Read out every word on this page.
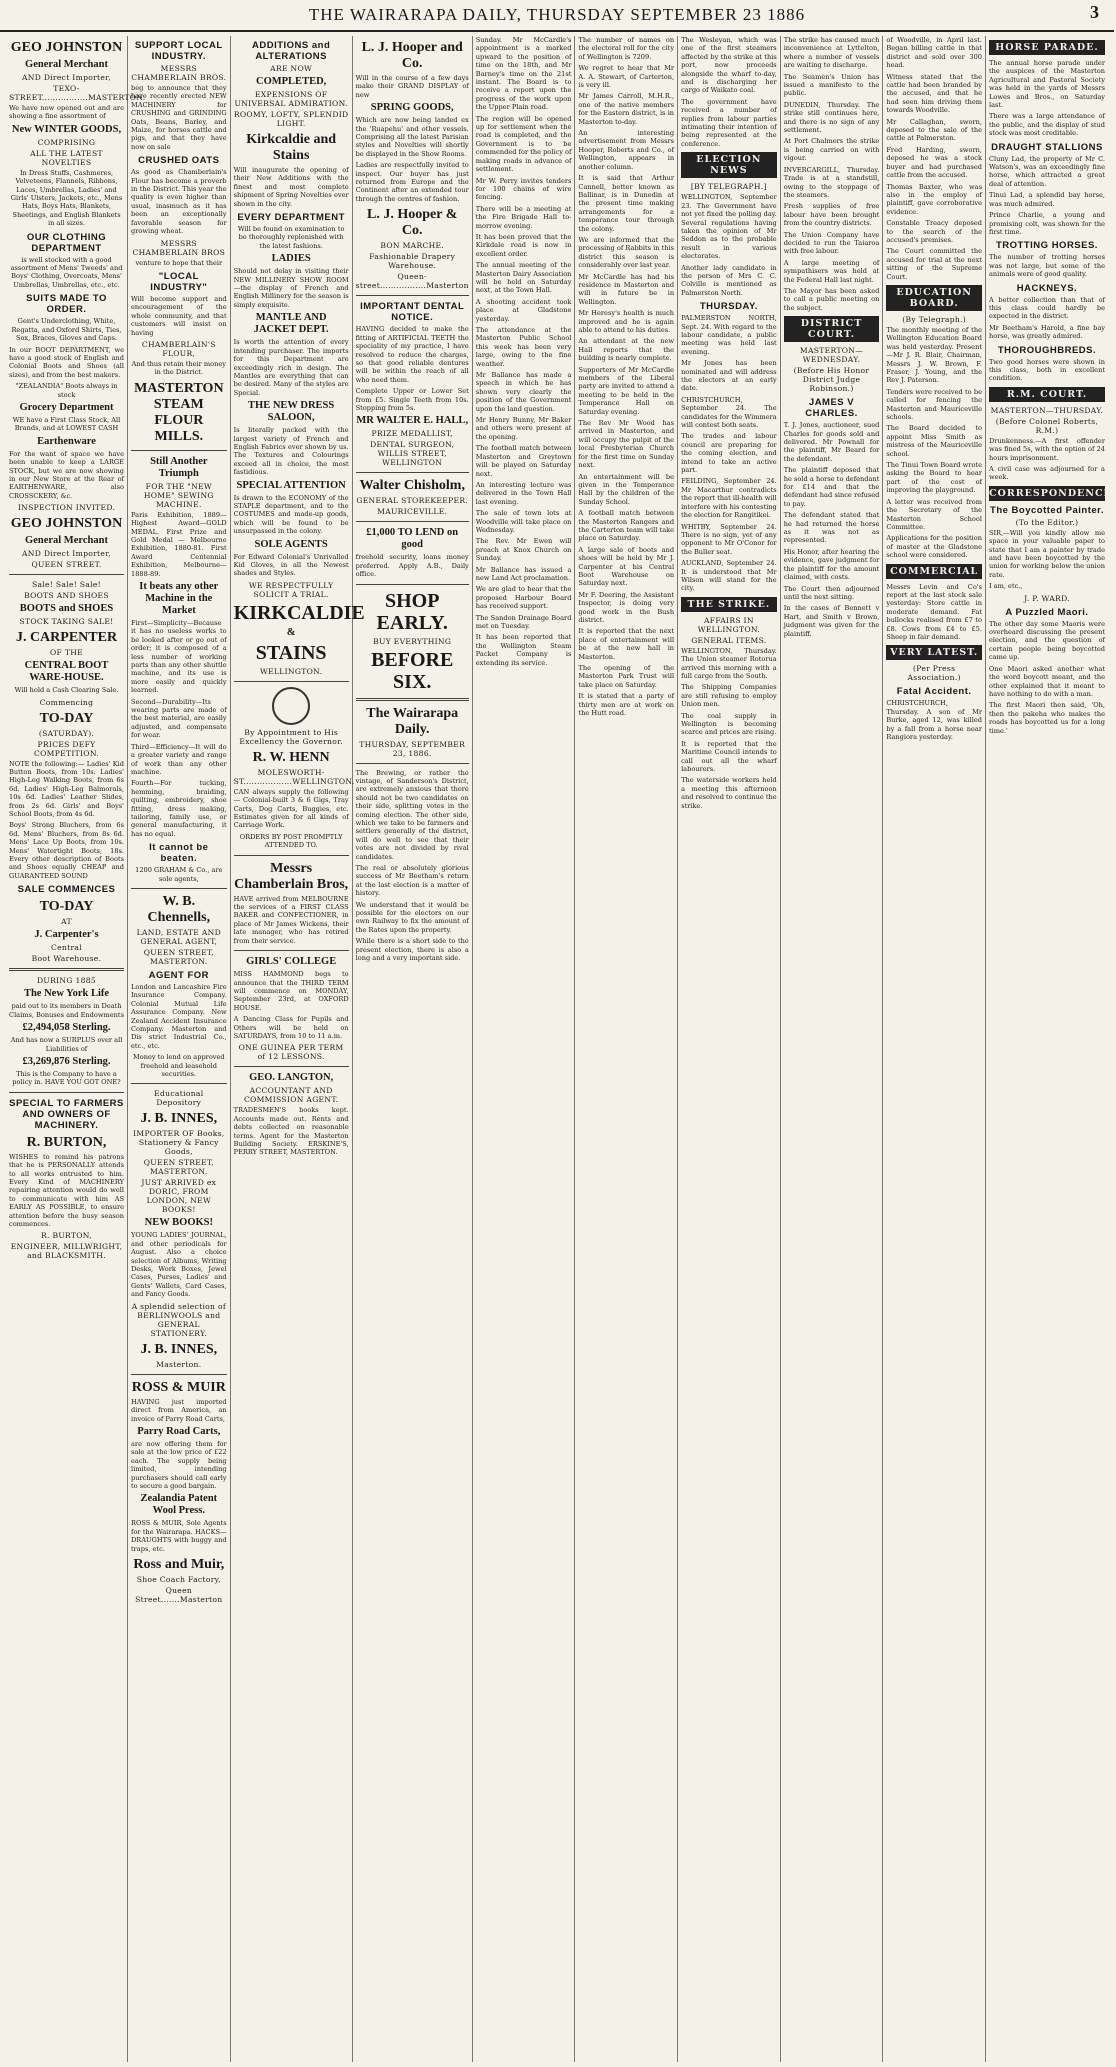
THE WAIRARAPA DAILY, THURSDAY SEPTEMBER 23 1886	3
GEO JOHNSTON
General Merchant
AND Direct Importer,
TEXO-STREET.................MASTERTON.
We have now opened out and are showing a fine assortment of
New WINTER GOODS,
COMPRISING
ALL THE LATEST NOVELTIES
In Dress Stuffs, Cashmeres, Velveteens, Flannels, Ribbons, Laces, Umbrellas, Ladies' and Girls' Ulsters, Jackets, etc., Mens Hats, Boys Hats, Blankets, Sheetings, and English Blankets in all sizes.
OUR CLOTHING DEPARTMENT
is well stocked with a good assortment of Mens' Tweeds' and Boys' Clothing, Overcoats, Mens' Umbrellas, Umbrellas, etc., etc.
SUITS MADE TO ORDER.
Gent's Underclothing, White, Regatta, and Oxford Shirts, Ties, Sox, Braces, Gloves and Caps.
In our BOOT DEPARTMENT, we have a good stock of English and Colonial Boots and Shoes (all sizes), and from the best makers.
"ZEALANDIA" Boots always in stock
Grocery Department
WE have a First Class Stock, All Brands, and at LOWEST CASH
Earthenware
For the want of space we have been unable to keep a LARGE STOCK, but we are now showing in our New Store at the Rear of EARTHENWARE, also CROSSCKERY, &c.
INSPECTION INVITED.
GEO JOHNSTON
General Merchant
AND Direct Importer,
QUEEN STREET.
Sale! Sale! Sale!
BOOTS AND SHOES
BOOTS and SHOES
STOCK TAKING SALE!
J. CARPENTER
OF THE
CENTRAL BOOT WARE-HOUSE.
Will hold a Cash Clearing Sale.
Commencing
TO-DAY
(SATURDAY).
PRICES DEFY COMPETITION.
NOTE the following:— Ladies' Kid Button Boots, from 10s. Ladies' High-Leg Walking Boots, from 6s 6d. Ladies' High-Leg Balmorals, 10s 6d. Ladies' Leather Slides, from 2s 6d. Girls' and Boys' School Boots, from 4s 6d.
Boys' Strong Bluchers, from 6s 6d. Mens' Bluchers, from 8s 6d. Mens' Lace Up Boots, from 10s. Mens' Watertight Boots, 18s. Every other description of Boots and Shoes equally CHEAP and GUARANTEED SOUND
SALE COMMENCES
TO-DAY
AT
J. Carpenter's
Central
Boot Warehouse.
DURING 1885
The New York Life
paid out to its members in Death Claims, Bonuses and Endowments
£2,494,058 Sterling.
And has now a SURPLUS over all Liabilities of
£3,269,876 Sterling.
This is the Company to have a policy in. HAVE YOU GOT ONE?
SPECIAL TO FARMERS AND OWNERS OF MACHINERY.
R. BURTON,
WISHES to remind his patrons that he is PERSONALLY attends to all works entrusted to him. Every Kind of MACHINERY repairing attention would do well to communicate with him AS EARLY AS POSSIBLE, to ensure attention before the busy season commences.
R. BURTON,
ENGINEER, MILLWRIGHT, and BLACKSMITH.
SUPPORT LOCAL INDUSTRY.
MESSRS CHAMBERLAIN BROS.
beg to announce that they have recently erected NEW MACHINERY for CRUSHING and GRINDING Oats, Beans, Barley, and Maize, for horses cattle and pigs, and that they have now on sale
CRUSHED OATS
As good as Chamberlain's Flour has become a proverb in the District. This year the quality is even higher than usual, inasmuch as it has been an exceptionally favorable season for growing wheat.
MESSRS CHAMBERLAIN BROS
venture to hope that their
"LOCAL INDUSTRY"
Will become support and encouragement of the whole community, and that customers will insist on having
CHAMBERLAIN'S FLOUR,
And thus retain their money in the District.
MASTERTON STEAM FLOUR MILLS.
Still Another Triumph
FOR THE "NEW HOME" SEWING MACHINE.
Paris Exhibition, 1889—Highest Award—GOLD MEDAL. First Prize and Gold Medal — Melbourne Exhibition, 1880-81. First Award Centennial Exhibition, Melbourne—1888-89.
It beats any other Machine in the Market
First—Simplicity—Because it has no useless works to be looked after or go out of order; it is composed of a less number of working parts than any other shuttle machine, and its use is more easily and quickly learned.
Second—Durability—Its wearing parts are made of the best material, are easily adjusted, and compensate for wear.
Third—Efficiency—It will do a greater variety and range of work than any other machine.
Fourth—For tucking, hemming, braiding, quilting, embroidery, shoe fitting, dress making, tailoring, family use, or general manufacturing, it has no equal.
It cannot be beaten.
1200 GRAHAM & Co., are sole agents,
W. B. Chennells,
LAND, ESTATE AND GENERAL AGENT,
QUEEN STREET, MASTERTON.
AGENT FOR
London and Lancashire Fire Insurance Company. Colonial Mutual Life Assurance Company. New Zealand Accident Insurance Company. Masterton and Dis strict Industrial Co., etc., etc.
Money to lend on approved freehold and leasehold securities.
Educational Depository
J. B. INNES,
IMPORTER OF Books, Stationery & Fancy Goods,
QUEEN STREET, MASTERTON.
JUST ARRIVED ex DORIC, FROM LONDON, NEW BOOKS!
NEW BOOKS!
YOUNG LADIES' JOURNAL, and other periodicals for August. Also a choice selection of Albums, Writing Desks, Work Boxes, Jewel Cases, Purses, Ladies' and Gents' Wallets, Card Cases, and Fancy Goods.
A splendid selection of BERLINWOOLS and GENERAL STATIONERY.
J. B. INNES,
Masterton.
ROSS & MUIR
HAVING just imported direct from America, an invoice of Parry Road Carts,
Parry Road Carts,
are now offering them for sale at the low price of £22 each. The supply being limited, intending purchasers should call early to secure a good bargain.
Zealandia Patent Wool Press.
ROSS & MUIR, Sole Agents for the Wairarapa. HACKS—DRAUGHTS with buggy and traps, etc.
Ross and Muir,
Shoe Coach Factory,
Queen Street.......Masterton
ADDITIONS and ALTERATIONS
ARE NOW
COMPLETED,
EXPENSIONS OF UNIVERSAL ADMIRATION.
ROOMY, LOFTY, SPLENDID LIGHT.
Kirkcaldie and Stains
Will inaugurate the opening of their New Additions with the finest and most complete shipment of Spring Novelties ever shown in the city.
EVERY DEPARTMENT
Will be found on examination to be thoroughly replenished with the latest fashions.
LADIES
Should not delay in visiting their NEW MILLINERY SHOW ROOM—the display of French and English Millinery for the season is simply exquisite.
MANTLE AND JACKET DEPT.
Is worth the attention of every intending purchaser. The imports for this Department are exceedingly rich in design. The Mantles are everything that can be desired. Many of the styles are Special.
THE NEW DRESS SALOON,
Is literally packed with the largest variety of French and English Fabrics ever shown by us. The Textures and Colourings exceed all in choice, the most fastidious.
SPECIAL ATTENTION
Is drawn to the ECONOMY of the STAPLE department, and to the COSTUMES and made-up goods, which will be found to be unsurpassed in the colony.
SOLE AGENTS
For Edward Colonial's Unrivalled Kid Gloves, in all the Newest shades and Styles.
WE RESPECTFULLY SOLICIT A TRIAL.
KIRKCALDIE
&
STAINS
WELLINGTON.
By Appointment to His Excellency the Governor.
R. W. HENN
MOLESWORTH-ST..................WELLINGTON.
CAN always supply the following — Colonial-built 3 & 6 Gigs, Tray Carts, Dog Carts, Buggies, etc. Estimates given for all kinds of Carriage Work.
ORDERS BY POST PROMPTLY ATTENDED TO.
Messrs Chamberlain Bros,
HAVE arrived from MELBOURNE the services of a FIRST CLASS BAKER and CONFECTIONER, in place of Mr James Wickens, their late manager, who has retired from their service.
GIRLS' COLLEGE
MISS HAMMOND begs to announce that the THIRD TERM will commence on MONDAY, September 23rd, at OXFORD HOUSE.
A Dancing Class for Pupils and Others will be held on SATURDAYS, from 10 to 11 a.m.
ONE GUINEA PER TERM of 12 LESSONS.
GEO. LANGTON,
ACCOUNTANT AND COMMISSION AGENT.
TRADESMEN'S books kept. Accounts made out. Rents and debts collected on reasonable terms. Agent for the Masterton Building Society. ERSKINE'S, PERRY STREET, MASTERTON.
L. J. Hooper and Co.
Will in the course of a few days make their GRAND DISPLAY of new
SPRING GOODS,
Which are now being landed ex the 'Ruapehu' and other vessels. Comprising all the latest Parisian styles and Novelties will shortly be displayed in the Show Rooms.
Ladies are respectfully invited to inspect. Our buyer has just returned from Europe and the Continent after an extended tour through the centres of fashion.
L. J. Hooper & Co.
BON MARCHE.
Fashionable Drapery Warehouse.
Queen-street.................Masterton
IMPORTANT DENTAL NOTICE.
HAVING decided to make the fitting of ARTIFICIAL TEETH the speciality of my practice, I have resolved to reduce the charges, so that good reliable dentures will be within the reach of all who need them.
Complete Upper or Lower Set from £5. Single Teeth from 10s. Stopping from 5s.
MR WALTER E. HALL,
PRIZE MEDALLIST,
DENTAL SURGEON, WILLIS STREET, WELLINGTON
Walter Chisholm,
GENERAL STOREKEEPER.
MAURICEVILLE.
£1,000 TO LEND on good
freehold security, loans money preferred. Apply A.B., Daily office.
SHOP EARLY.
BUY EVERYTHING
BEFORE SIX.
The Wairarapa Daily.
THURSDAY, SEPTEMBER 23, 1886.
The Brewing, or rather the vintage, of Sanderson's District, are extremely anxious that there should not be two candidates on their side, splitting votes in the coming election. The other side, which we take to be farmers and settlers generally of the district, will do well to see that their votes are not divided by rival candidates.
The real or absolutely glorious success of Mr Beetham's return at the last election is a matter of history.
We understand that it would be possible for the electors on our own Railway to fix the amount of the Rates upon the property.
While there is a short side to the present election, there is also a long and a very important side.
Sunday. Mr McCardle's appointment is a marked upward to the position of time on the 18th, and Mr Barney's time on the 21st instant. The Board is to receive a report upon the progress of the work upon the Upper Plain road.
The region will be opened up for settlement when the road is completed, and the Government is to be commended for the policy of making roads in advance of settlement.
Mr W. Perry invites tenders for 100 chains of wire fencing.
There will be a meeting at the Fire Brigade Hall to-morrow evening.
It has been proved that the Kirkdale road is now in excellent order.
The annual meeting of the Masterton Dairy Association will be held on Saturday next, at the Town Hall.
A shooting accident took place at Gladstone yesterday.
The attendance at the Masterton Public School this week has been very large, owing to the fine weather.
Mr Ballance has made a speech in which he has shown very clearly the position of the Government upon the land question.
Mr Henry Bunny, Mr Baker and others were present at the opening.
The football match between Masterton and Greytown will be played on Saturday next.
An interesting lecture was delivered in the Town Hall last evening.
The sale of town lots at Woodville will take place on Wednesday.
The Rev. Mr Ewen will preach at Knox Church on Sunday.
Mr Ballance has issued a new Land Act proclamation.
We are glad to hear that the proposed Harbour Board has received support.
The Sandon Drainage Board met on Tuesday.
It has been reported that the Wellington Steam Packet Company is extending its service.
The number of names on the electoral roll for the city of Wellington is 7209.
We regret to hear that Mr A. A. Stewart, of Carterton, is very ill.
Mr James Carroll, M.H.R., one of the native members for the Eastern district, is in Masterton to-day.
An interesting advertisement from Messrs Hooper, Roberts and Co., of Wellington, appears in another column.
It is said that Arthur Cannell, better known as Ballinar, is in Dunedin at the present time making arrangements for a temperance tour through the colony.
We are informed that the processing of Rabbits in this district this season is considerably over last year.
Mr McCardle has had his residence in Masterton and will in future be in Wellington.
Mr Heresy's health is much improved and he is again able to attend to his duties.
An attendant at the new Hall reports that the building is nearly complete.
Supporters of Mr McCardle members of the Liberal party are invited to attend a meeting to be held in the Temperance Hall on Saturday evening.
The Rev Mr Wood has arrived in Masterton, and will occupy the pulpit of the local Presbyterian Church for the first time on Sunday next.
An entertainment will be given in the Temperance Hall by the children of the Sunday School.
A football match between the Masterton Rangers and the Carterton team will take place on Saturday.
A large sale of boots and shoes will be held by Mr J. Carpenter at his Central Boot Warehouse on Saturday next.
Mr F. Deering, the Assistant Inspector, is doing very good work in the Bush district.
It is reported that the next place of entertainment will be at the new hall in Masterton.
The opening of the Masterton Park Trust will take place on Saturday.
It is stated that a party of thirty men are at work on the Hutt road.
The Wesleyan, which was one of the first steamers affected by the strike at this port, now proceeds alongside the wharf to-day, and is discharging her cargo of Waikato coal.
The government have received a number of replies from labour parties intimating their intention of being represented at the conference.
ELECTION NEWS
[BY TELEGRAPH.]
WELLINGTON, September 23. The Government have not yet fixed the polling day. Several regulations having taken the opinion of Mr Seddon as to the probable result in various electorates.
Another lady candidate in the person of Mrs C. C. Colville is mentioned as Palmerston North.
THURSDAY.
PALMERSTON NORTH, Sept. 24. With regard to the labour candidate, a public meeting was held last evening.
Mr Jones has been nominated and will address the electors at an early date.
CHRISTCHURCH, September 24. The candidates for the Wimmera will contest both seats.
The trades and labour council are preparing for the coming election, and intend to take an active part.
FEILDING, September 24. Mr Macarthur contradicts the report that ill-health will interfere with his contesting the election for Rangitikei.
WHITBY, September 24. There is no sign, yet of any opponent to Mr O'Conor for the Buller seat.
AUCKLAND, September 24. It is understood that Mr Wilson will stand for the city.
THE STRIKE.
AFFAIRS IN WELLINGTON.
GENERAL ITEMS.
WELLINGTON, Thursday. The Union steamer Rotorua arrived this morning with a full cargo from the South.
The Shipping Companies are still refusing to employ Union men.
The coal supply in Wellington is becoming scarce and prices are rising.
It is reported that the Maritime Council intends to call out all the wharf labourers.
The waterside workers held a meeting this afternoon and resolved to continue the strike.
The strike has caused much inconvenience at Lyttelton, where a number of vessels are waiting to discharge.
The Seamen's Union has issued a manifesto to the public.
DUNEDIN, Thursday. The strike still continues here, and there is no sign of any settlement.
At Port Chalmers the strike is being carried on with vigour.
INVERCARGILL, Thursday. Trade is at a standstill, owing to the stoppage of the steamers.
Fresh supplies of free labour have been brought from the country districts.
The Union Company have decided to run the Taiaroa with free labour.
A large meeting of sympathisers was held at the Federal Hall last night.
The Mayor has been asked to call a public meeting on the subject.
DISTRICT COURT.
MASTERTON—WEDNESDAY.
(Before His Honor District Judge Robinson.)
JAMES V CHARLES.
T. J. Jones, auctioneer, sued Charles for goods sold and delivered. Mr Pownall for the plaintiff, Mr Beard for the defendant.
The plaintiff deposed that he sold a horse to defendant for £14 and that the defendant had since refused to pay.
The defendant stated that he had returned the horse as it was not as represented.
His Honor, after hearing the evidence, gave judgment for the plaintiff for the amount claimed, with costs.
The Court then adjourned until the next sitting.
In the cases of Bennett v Hart, and Smith v Brown, judgment was given for the plaintiff.
of Woodville, in April last. Began billing cattle in that district and sold over 300 head.
Witness stated that the cattle had been branded by the accused, and that he had seen him driving them towards Woodville.
Mr Callaghan, sworn, deposed to the sale of the cattle at Palmerston.
Fred Harding, sworn, deposed he was a stock buyer and had purchased cattle from the accused.
Thomas Baxter, who was also in the employ of plaintiff, gave corroborative evidence.
Constable Treacy deposed to the search of the accused's premises.
The Court committed the accused for trial at the next sitting of the Supreme Court.
EDUCATION BOARD.
(By Telegraph.)
The monthly meeting of the Wellington Education Board was held yesterday. Present—Mr J. R. Blair, Chairman, Messrs J. W. Brown, F. Fraser, J. Young, and the Rev J. Paterson.
Tenders were received to be called for fencing the Masterton and Mauriceville schools.
The Board decided to appoint Miss Smith as mistress of the Mauriceville school.
The Tinui Town Board wrote asking the Board to hear part of the cost of improving the playground.
A letter was received from the Secretary of the Masterton School Committee.
Applications for the position of master at the Gladstone school were considered.
COMMERCIAL
Messrs Levin and Co's report at the last stock sale yesterday: Store cattle in moderate demand. Fat bullocks realised from £7 to £8. Cows from £4 to £5. Sheep in fair demand.
VERY LATEST.
(Per Press Association.)
Fatal Accident.
CHRISTCHURCH, Thursday. A son of Mr Burke, aged 12, was killed by a fall from a horse near Rangiora yesterday.
HORSE PARADE.
The annual horse parade under the auspices of the Masterton Agricultural and Pastoral Society was held in the yards of Messrs Lowes and Bros., on Saturday last.
There was a large attendance of the public, and the display of stud stock was most creditable.
DRAUGHT STALLIONS
Cluny Lad, the property of Mr C. Watson's, was an exceedingly fine horse, which attracted a great deal of attention.
Tinui Lad, a splendid bay horse, was much admired.
Prince Charlie, a young and promising colt, was shown for the first time.
TROTTING HORSES.
The number of trotting horses was not large, but some of the animals were of good quality.
HACKNEYS.
A better collection than that of this class could hardly be expected in the district.
Mr Beetham's Harold, a fine bay horse, was greatly admired.
THOROUGHBREDS.
Two good horses were shown in this class, both in excellent condition.
R.M. COURT.
MASTERTON—THURSDAY.
(Before Colonel Roberts, R.M.)
Drunkenness.—A first offender was fined 5s, with the option of 24 hours imprisonment.
A civil case was adjourned for a week.
CORRESPONDENCE.
The Boycotted Painter.
(To the Editor.)
SIR,—Will you kindly allow me space in your valuable paper to state that I am a painter by trade and have been boycotted by the union for working below the union rate.
I am, etc.,
J. P. WARD.
A Puzzled Maori.
The other day some Maoris were overheard discussing the present election, and the question of certain people being boycotted came up.
One Maori asked another what the word boycott meant, and the other explained that it meant to have nothing to do with a man.
The first Maori then said, 'Oh, then the pakeha who makes the roads has boycotted us for a long time.'
